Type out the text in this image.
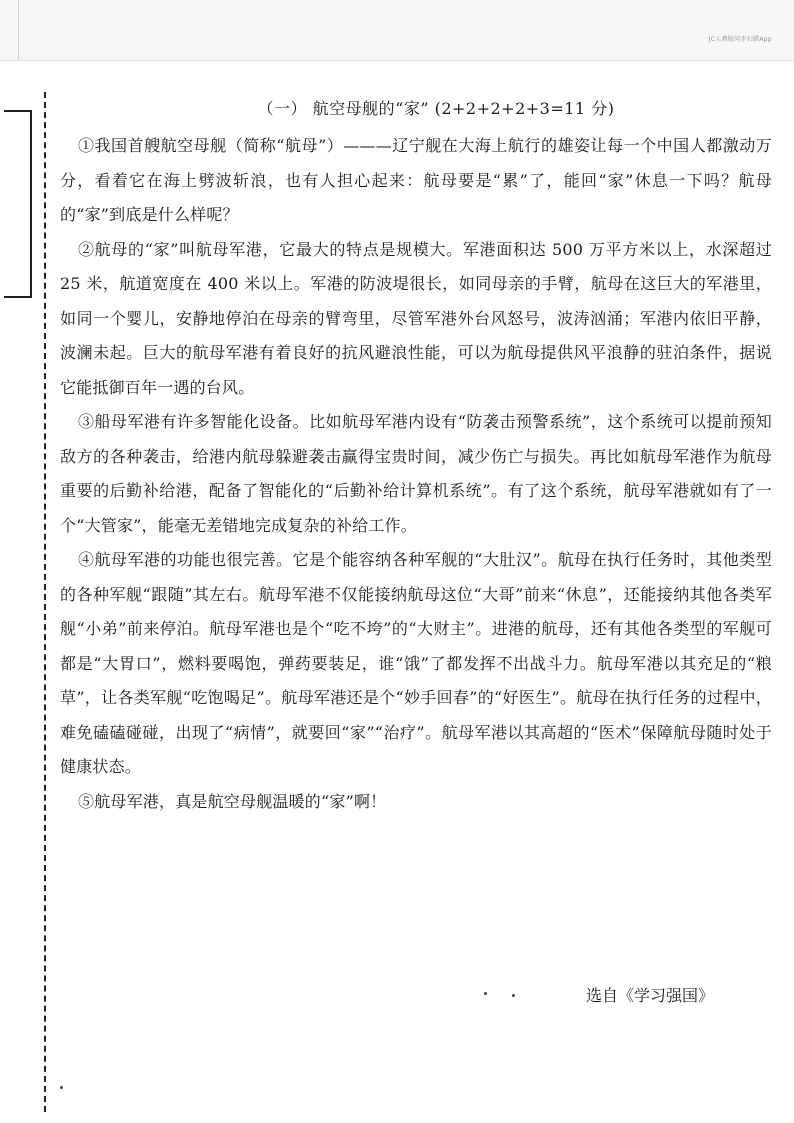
JC人教版同步扫描App

（一） 航空母舰的“家” (2+2+2+2+3=11 分)

①我国首艘航空母舰（简称“航母”）———辽宁舰在大海上航行的雄姿让每一个中国人都激动万分，看着它在海上劈波斩浪，也有人担心起来：航母要是“累”了，能回“家”休息一下吗？航母的“家”到底是什么样呢？

②航母的“家”叫航母军港，它最大的特点是规模大。军港面积达 500 万平方米以上，水深超过 25 米，航道宽度在 400 米以上。军港的防波堤很长，如同母亲的手臂，航母在这巨大的军港里，如同一个婴儿，安静地停泊在母亲的臂弯里，尽管军港外台风怒号，波涛汹涌；军港内依旧平静，波澜未起。巨大的航母军港有着良好的抗风避浪性能，可以为航母提供风平浪静的驻泊条件，据说它能抵御百年一遇的台风。

③船母军港有许多智能化设备。比如航母军港内设有“防袭击预警系统”，这个系统可以提前预知敌方的各种袭击，给港内航母躲避袭击赢得宝贵时间，减少伤亡与损失。再比如航母军港作为航母重要的后勤补给港，配备了智能化的“后勤补给计算机系统”。有了这个系统，航母军港就如有了一个“大管家”，能毫无差错地完成复杂的补给工作。

④航母军港的功能也很完善。它是个能容纳各种军舰的“大肚汉”。航母在执行任务时，其他类型的各种军舰“跟随”其左右。航母军港不仅能接纳航母这位“大哥”前来“休息”，还能接纳其他各类军舰“小弟”前来停泊。航母军港也是个“吃不垮”的“大财主”。进港的航母，还有其他各类型的军舰可都是“大胃口”，燃料要喝饱，弹药要装足，谁“饿”了都发挥不出战斗力。航母军港以其充足的“粮草”，让各类军舰“吃饱喝足”。航母军港还是个“妙手回春”的“好医生”。航母在执行任务的过程中，难免磕磕碰碰，出现了“病情”，就要回“家”“治疗”。航母军港以其高超的“医术”保障航母随时处于健康状态。

⑤航母军港，真是航空母舰温暖的“家”啊！

选自《学习强国》
